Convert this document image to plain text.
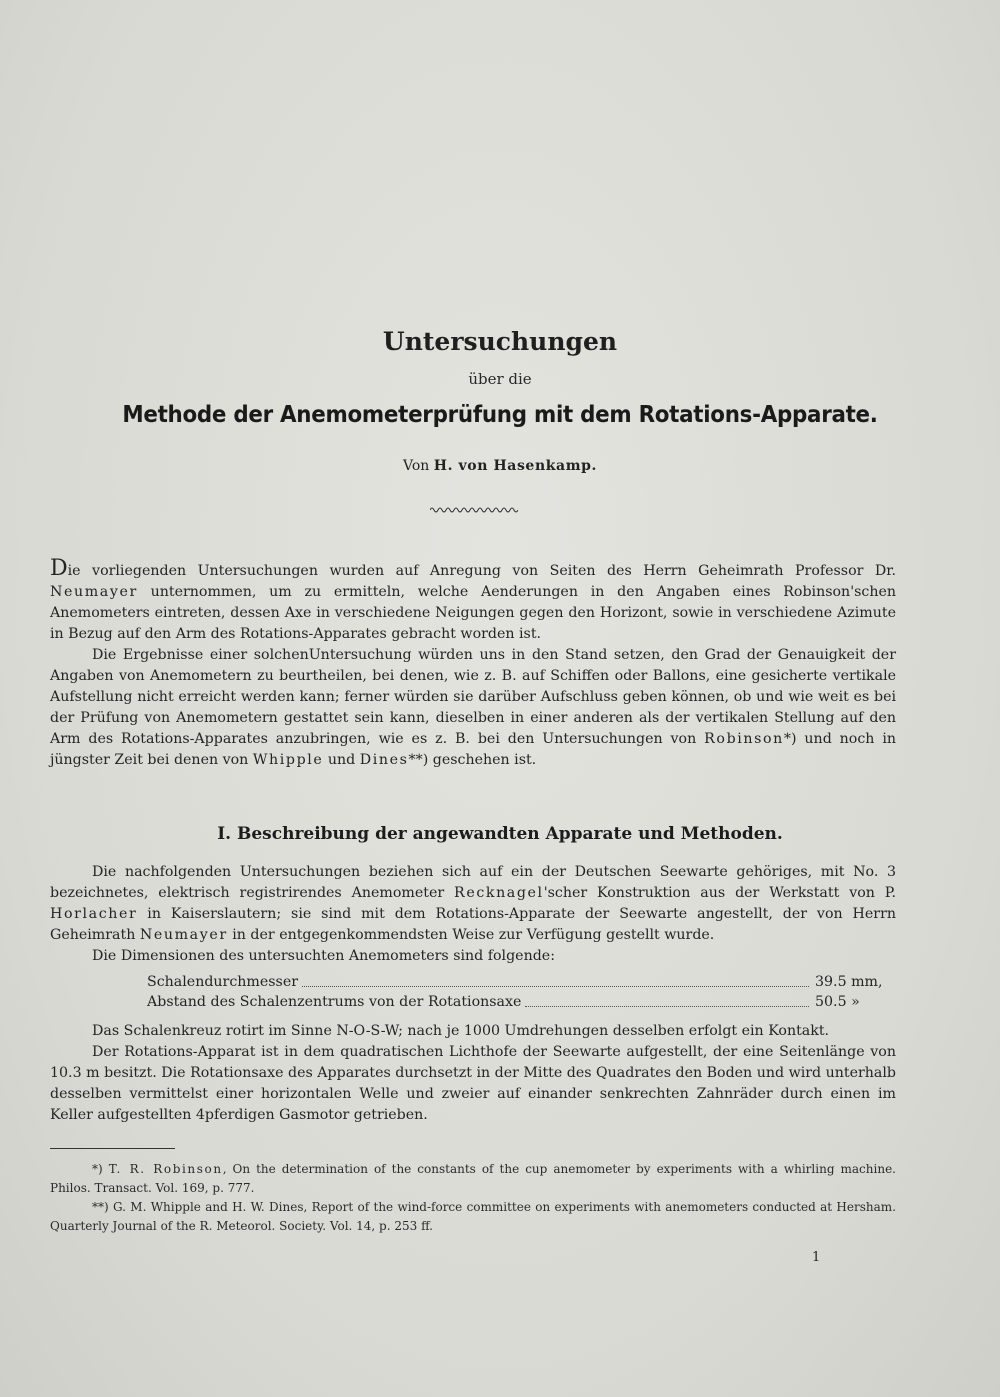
Untersuchungen
über die
Methode der Anemometerprüfung mit dem Rotations-Apparate.
Von H. von Hasenkamp.

Die vorliegenden Untersuchungen wurden auf Anregung von Seiten des Herrn Geheimrath Professor Dr. Neumayer unternommen, um zu ermitteln, welche Aenderungen in den Angaben eines Robinson'schen Anemometers eintreten, dessen Axe in verschiedene Neigungen gegen den Horizont, sowie in verschiedene Azimute in Bezug auf den Arm des Rotations-Apparates gebracht worden ist.

Die Ergebnisse einer solchenUntersuchung würden uns in den Stand setzen, den Grad der Genauigkeit der Angaben von Anemometern zu beurtheilen, bei denen, wie z. B. auf Schiffen oder Ballons, eine gesicherte vertikale Aufstellung nicht erreicht werden kann; ferner würden sie darüber Aufschluss geben können, ob und wie weit es bei der Prüfung von Anemometern gestattet sein kann, dieselben in einer anderen als der vertikalen Stellung auf den Arm des Rotations-Apparates anzubringen, wie es z. B. bei den Untersuchungen von Robinson*) und noch in jüngster Zeit bei denen von Whipple und Dines**) geschehen ist.

I. Beschreibung der angewandten Apparate und Methoden.

Die nachfolgenden Untersuchungen beziehen sich auf ein der Deutschen Seewarte gehöriges, mit No. 3 bezeichnetes, elektrisch registrirendes Anemometer Recknagel'scher Konstruktion aus der Werkstatt von P. Horlacher in Kaiserslautern; sie sind mit dem Rotations-Apparate der Seewarte angestellt, der von Herrn Geheimrath Neumayer in der entgegenkommendsten Weise zur Verfügung gestellt wurde.

Die Dimensionen des untersuchten Anemometers sind folgende:

Schalendurchmesser	39.5 mm,
Abstand des Schalenzentrums von der Rotationsaxe	50.5 »

Das Schalenkreuz rotirt im Sinne N-O-S-W; nach je 1000 Umdrehungen desselben erfolgt ein Kontakt.

Der Rotations-Apparat ist in dem quadratischen Lichthofe der Seewarte aufgestellt, der eine Seitenlänge von 10.3 m besitzt. Die Rotationsaxe des Apparates durchsetzt in der Mitte des Quadrates den Boden und wird unterhalb desselben vermittelst einer horizontalen Welle und zweier auf einander senkrechten Zahnräder durch einen im Keller aufgestellten 4pferdigen Gasmotor getrieben.

*) T. R. Robinson, On the determination of the constants of the cup anemometer by experiments with a whirling machine. Philos. Transact. Vol. 169, p. 777.

**) G. M. Whipple and H. W. Dines, Report of the wind-force committee on experiments with anemometers conducted at Hersham. Quarterly Journal of the R. Meteorol. Society. Vol. 14, p. 253 ff.

1
